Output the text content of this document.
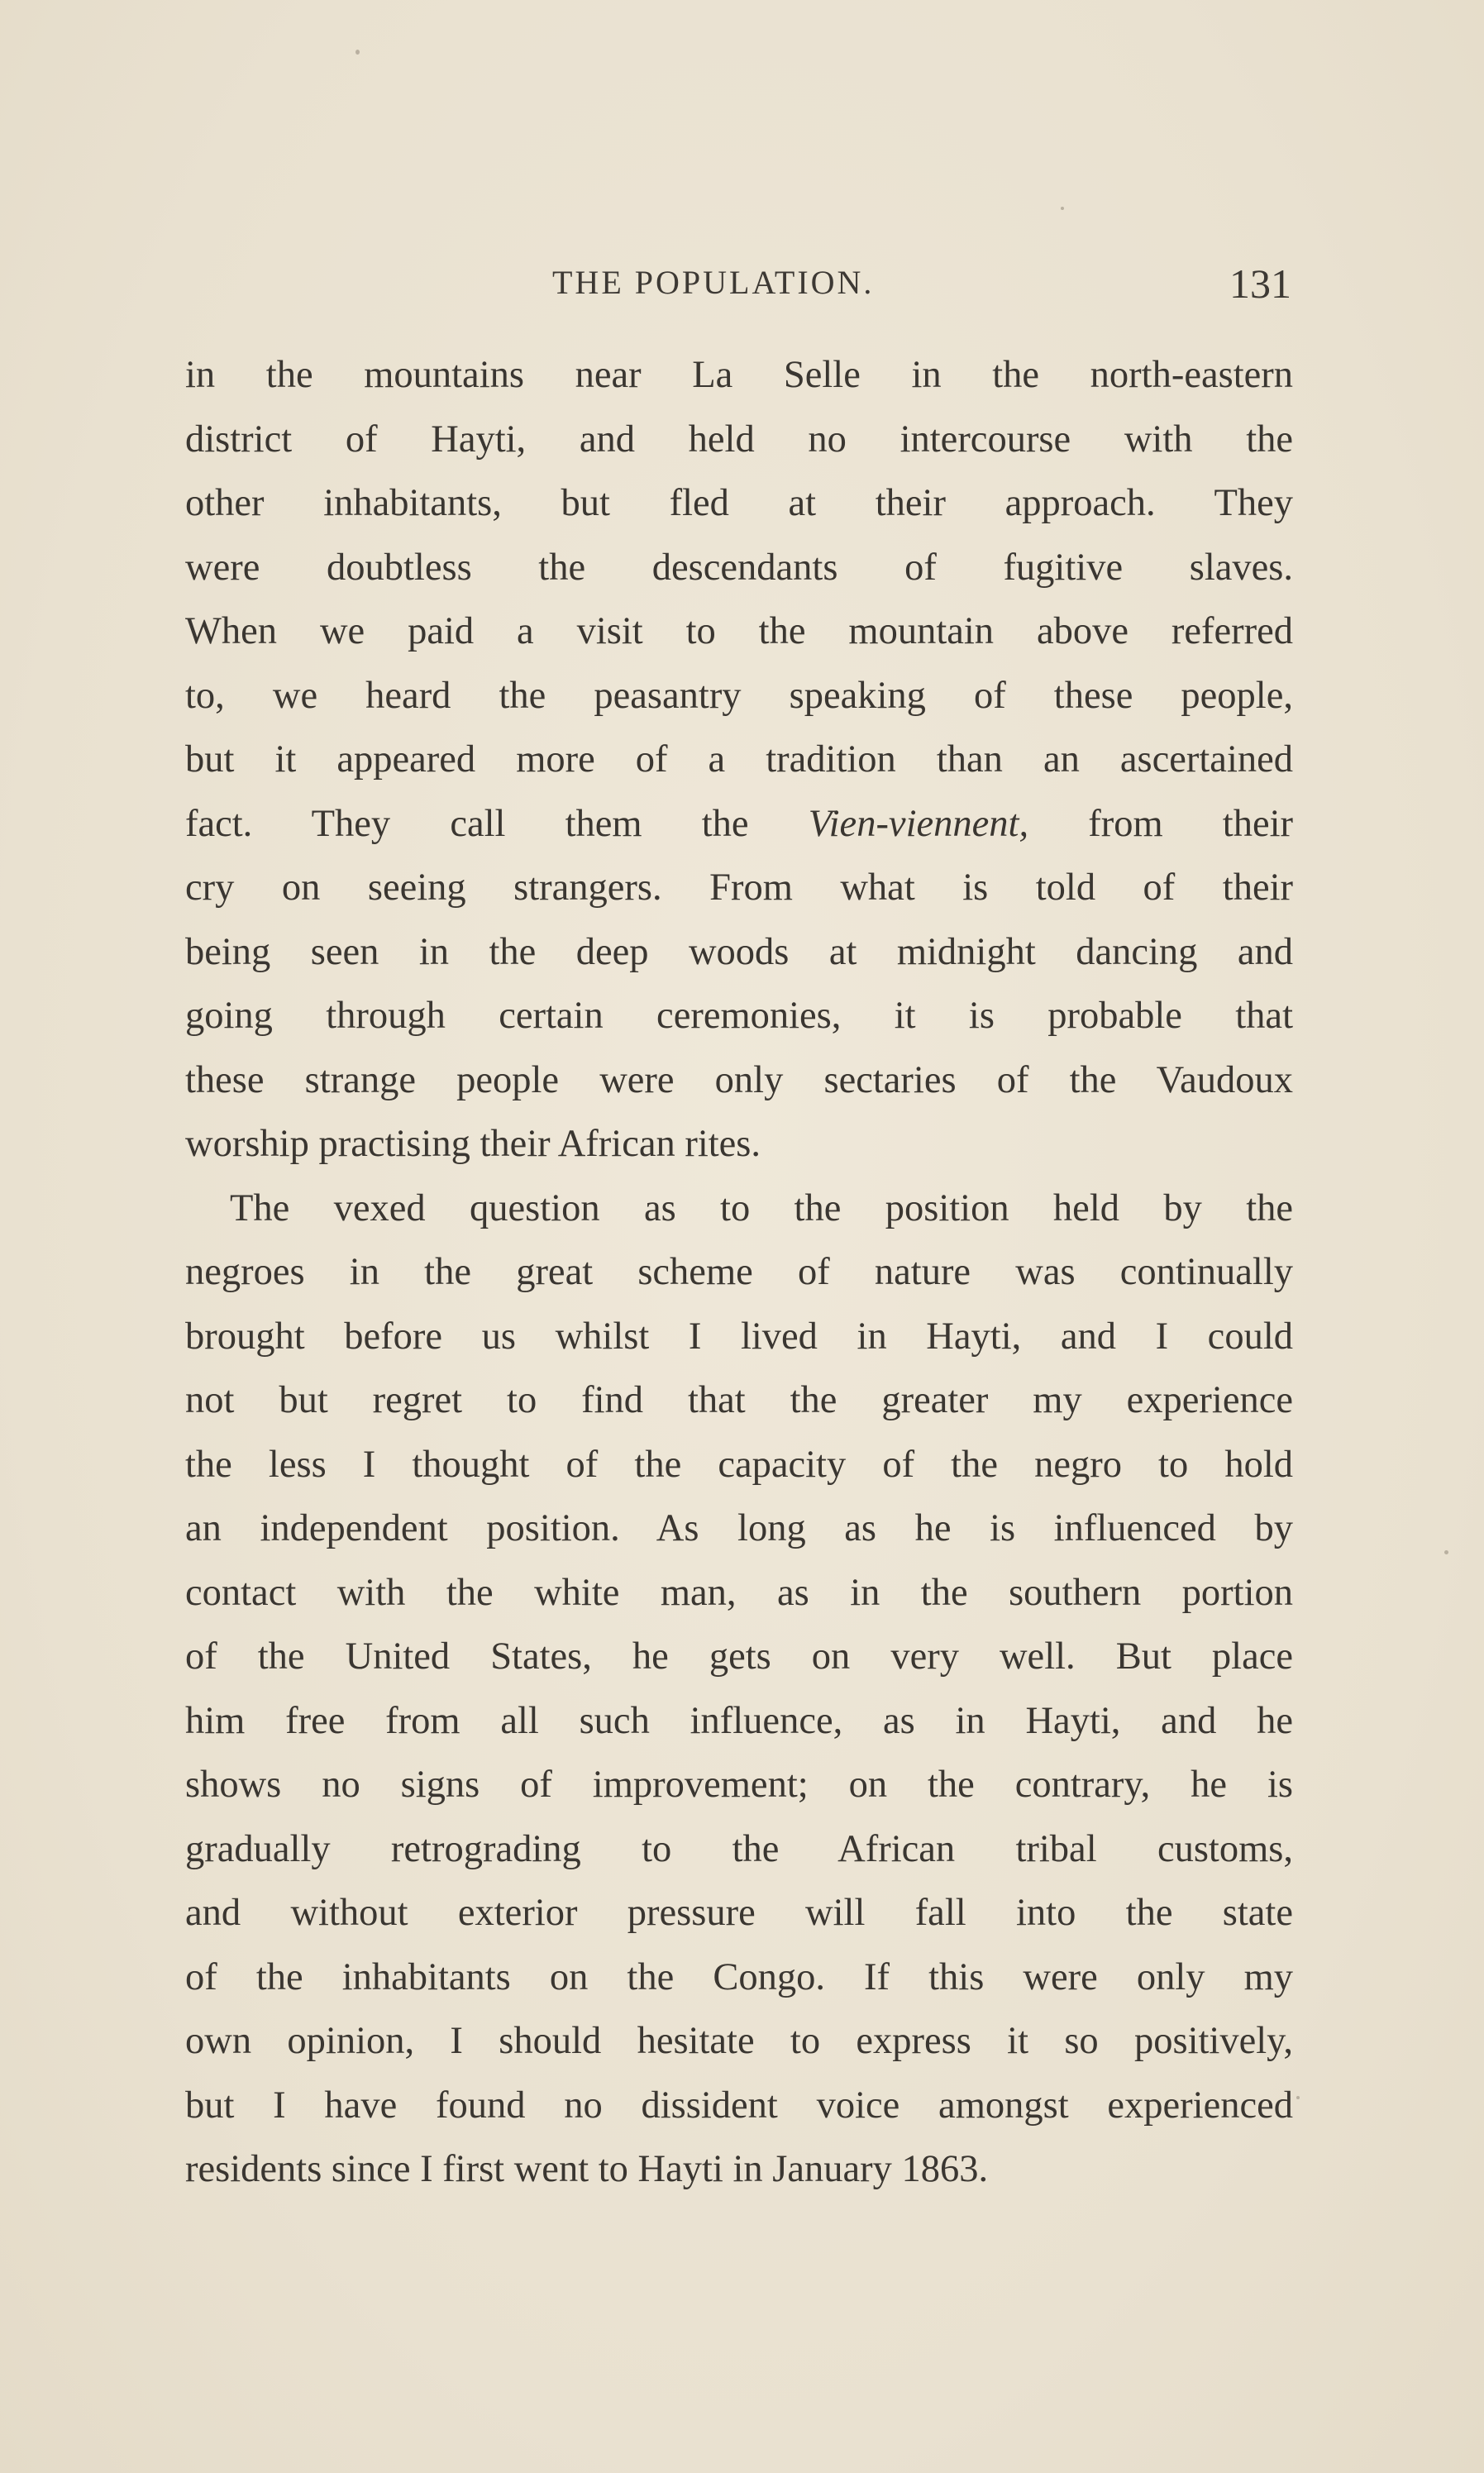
THE POPULATION.	131
in the mountains near La Selle in the north-eastern
district of Hayti, and held no intercourse with the
other inhabitants, but fled at their approach. They
were doubtless the descendants of fugitive slaves.
When we paid a visit to the mountain above referred
to, we heard the peasantry speaking of these people,
but it appeared more of a tradition than an ascertained
fact. They call them the Vien-viennent, from their
cry on seeing strangers. From what is told of their
being seen in the deep woods at midnight dancing and
going through certain ceremonies, it is probable that
these strange people were only sectaries of the Vaudoux
worship practising their African rites.
The vexed question as to the position held by the
negroes in the great scheme of nature was continually
brought before us whilst I lived in Hayti, and I could
not but regret to find that the greater my experience
the less I thought of the capacity of the negro to hold
an independent position. As long as he is influenced by
contact with the white man, as in the southern portion
of the United States, he gets on very well. But place
him free from all such influence, as in Hayti, and he
shows no signs of improvement; on the contrary, he is
gradually retrograding to the African tribal customs,
and without exterior pressure will fall into the state
of the inhabitants on the Congo. If this were only my
own opinion, I should hesitate to express it so positively,
but I have found no dissident voice amongst experienced
residents since I first went to Hayti in January 1863.
